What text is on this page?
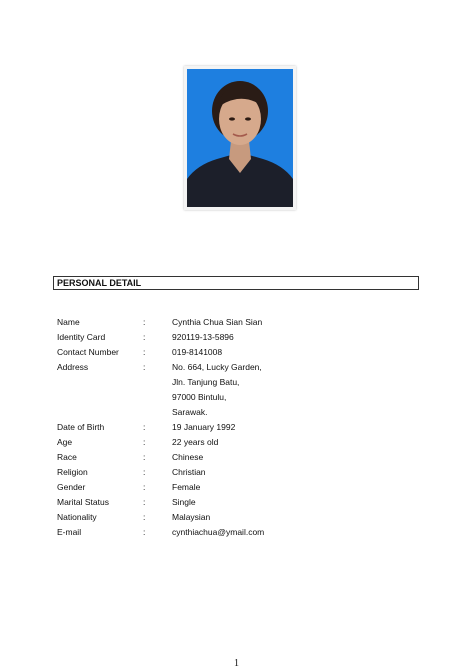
PERSONAL DETAIL
Name	:	Cynthia Chua Sian Sian
Identity Card	:	920119-13-5896
Contact Number	:	019-8141008
Address	:	No. 664, Lucky Garden,
Jln. Tanjung Batu,
97000 Bintulu,
Sarawak.
Date of Birth	:	19 January 1992
Age	:	22 years old
Race	:	Chinese
Religion	:	Christian
Gender	:	Female
Marital Status	:	Single
Nationality	:	Malaysian
E-mail	:	cynthiachua@ymail.com
1
